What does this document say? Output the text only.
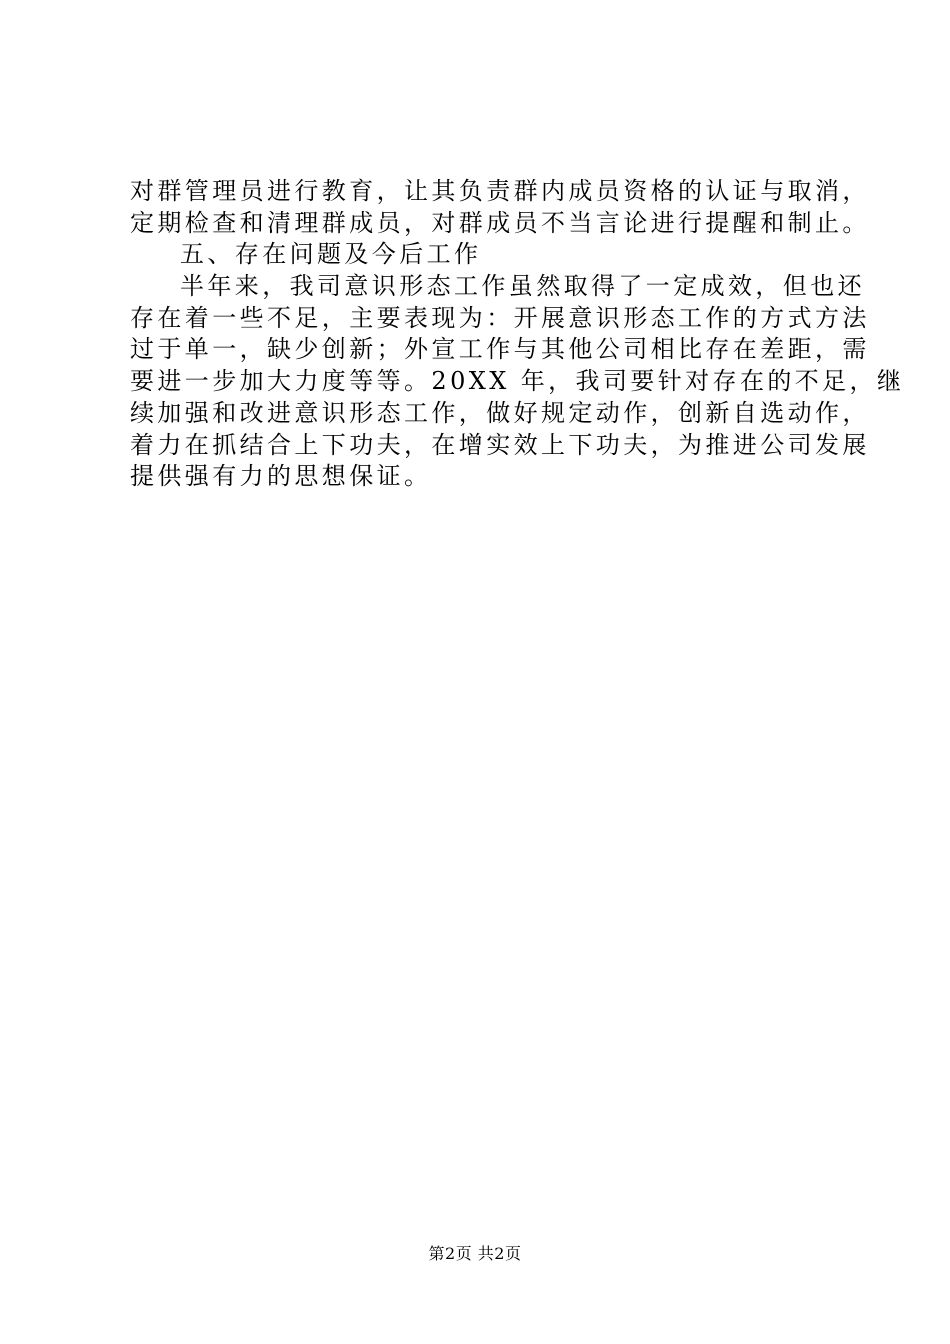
对群管理员进行教育，让其负责群内成员资格的认证与取消，
定期检查和清理群成员，对群成员不当言论进行提醒和制止。
五、存在问题及今后工作
半年来，我司意识形态工作虽然取得了一定成效，但也还
存在着一些不足，主要表现为：开展意识形态工作的方式方法
过于单一，缺少创新；外宣工作与其他公司相比存在差距，需
要进一步加大力度等等。20XX 年，我司要针对存在的不足，继
续加强和改进意识形态工作，做好规定动作，创新自选动作，
着力在抓结合上下功夫，在增实效上下功夫，为推进公司发展
提供强有力的思想保证。
第2页 共2页
